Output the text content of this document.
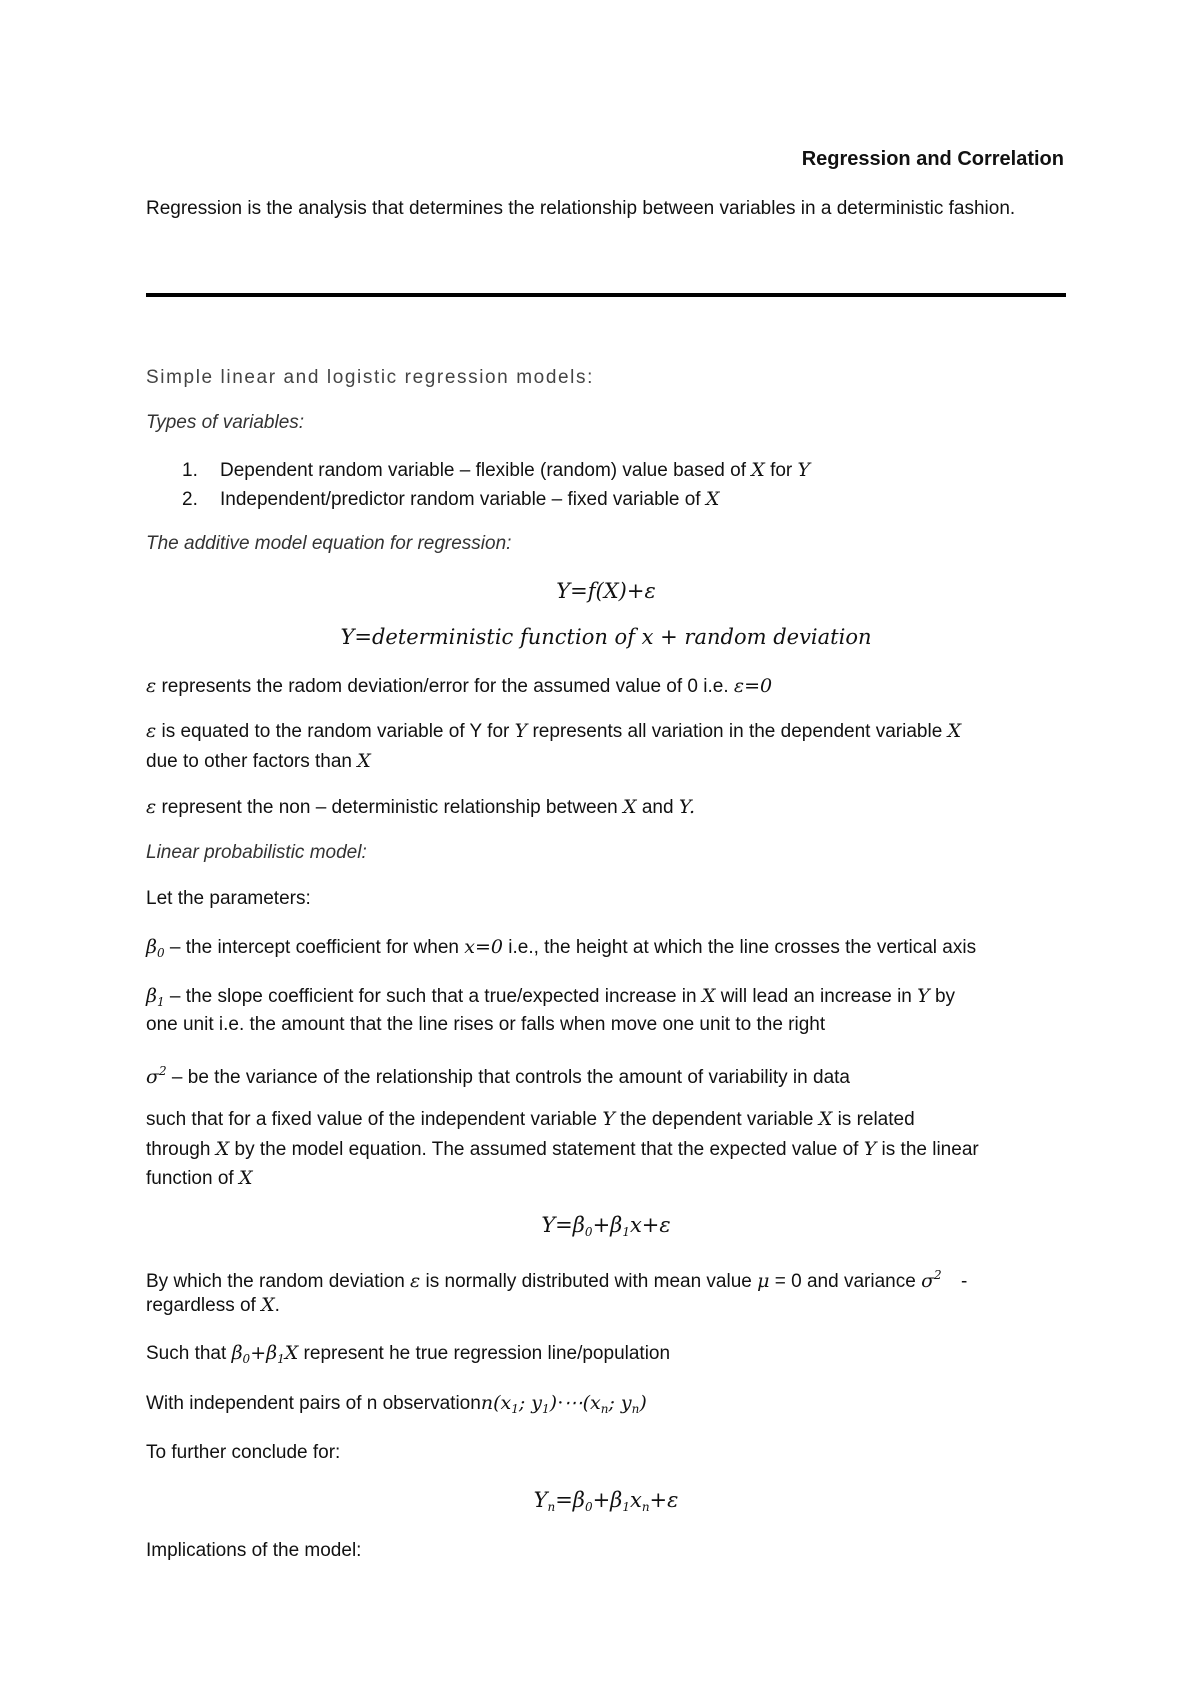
Regression and Correlation
Regression is the analysis that determines the relationship between variables in a deterministic fashion.
Simple linear and logistic regression models:
Types of variables:
1. Dependent random variable – flexible (random) value based of X for Y
2. Independent/predictor random variable – fixed variable of X
The additive model equation for regression:
Y=f(X)+ε
Y=deterministic function of x + random deviation
ε represents the radom deviation/error for the assumed value of 0 i.e. ε=0
ε is equated to the random variable of Y for Y represents all variation in the dependent variable X
due to other factors than X
ε represent the non – deterministic relationship between X and Y.
Linear probabilistic model:
Let the parameters:
$\beta_0$ – the intercept coefficient for when x=0 i.e., the height at which the line crosses the vertical axis
$\beta_1$ – the slope coefficient for such that a true/expected increase in X will lead an increase in Y by
one unit i.e. the amount that the line rises or falls when move one unit to the right
$\sigma^2$ – be the variance of the relationship that controls the amount of variability in data
such that for a fixed value of the independent variable Y the dependent variable X is related
through X by the model equation. The assumed statement that the expected value of Y is the linear
function of X
$Y=\beta_0+\beta_1x+\varepsilon$
By which the random deviation ε is normally distributed with mean value μ = 0 and variance $\sigma^2$ -
regardless of X.
Such that $\beta_0+\beta_1X$ represent he true regression line/population
With independent pairs of n $observationn(x_1$; $y_1)\cdot\cdots(x_n$; $y_n$)
To further conclude for:
$Y_n=\beta_0+\beta_1x_n+\varepsilon$
Implications of the model:
